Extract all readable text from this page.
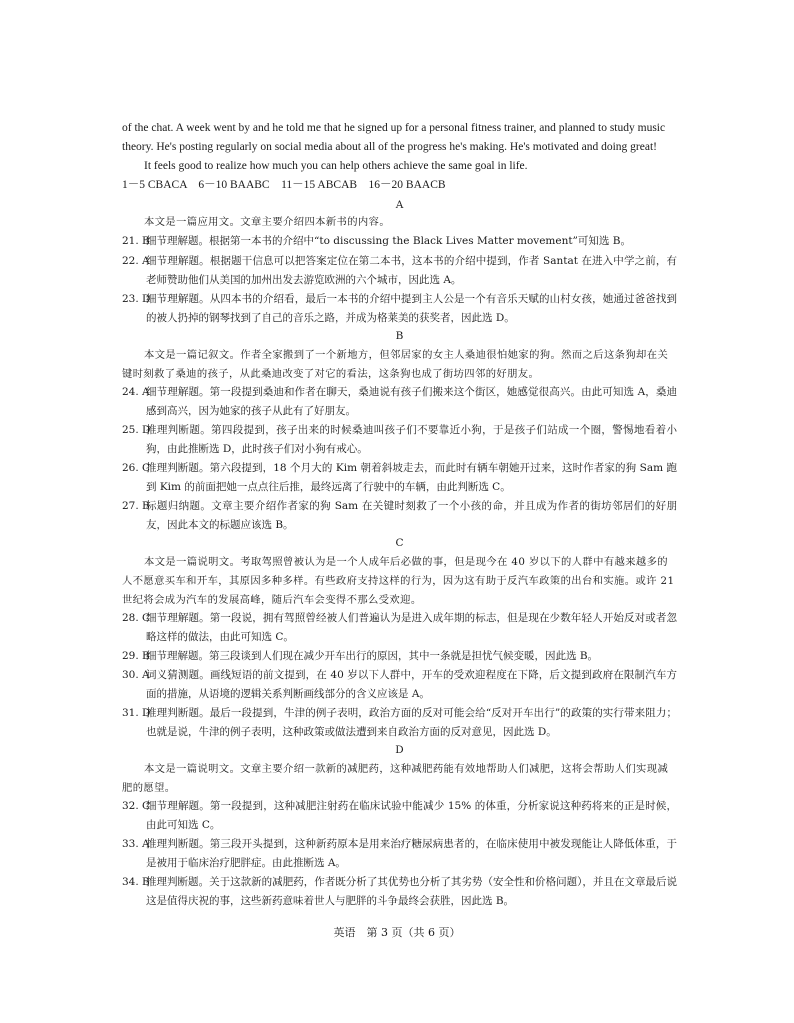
of the chat. A week went by and he told me that he signed up for a personal fitness trainer, and planned to study music

theory. He's posting regularly on social media about all of the progress he's making. He's motivated and doing great!

It feels good to realize how much you can help others achieve the same goal in life.

1－5 CBACA　6－10 BAABC　11－15 ABCAB　16－20 BAACB

A

本文是一篇应用文。文章主要介绍四本新书的内容。

21. B
细节理解题。根据第一本书的介绍中“to discussing the Black Lives Matter movement”可知选 B。
22. A
细节理解题。根据题干信息可以把答案定位在第二本书，这本书的介绍中提到，作者 Santat 在进入中学之前，有老师赞助他们从美国的加州出发去游览欧洲的六个城市，因此选 A。
23. D
细节理解题。从四本书的介绍看，最后一本书的介绍中提到主人公是一个有音乐天赋的山村女孩，她通过爸爸找到的被人扔掉的钢琴找到了自己的音乐之路，并成为格莱美的获奖者，因此选 D。
B

本文是一篇记叙文。作者全家搬到了一个新地方，但邻居家的女主人桑迪很怕她家的狗。然而之后这条狗却在关键时刻救了桑迪的孩子，从此桑迪改变了对它的看法，这条狗也成了街坊四邻的好朋友。

24. A
细节理解题。第一段提到桑迪和作者在聊天，桑迪说有孩子们搬来这个街区，她感觉很高兴。由此可知选 A，桑迪感到高兴，因为她家的孩子从此有了好朋友。
25. D
推理判断题。第四段提到，孩子出来的时候桑迪叫孩子们不要靠近小狗，于是孩子们站成一个圈，警惕地看着小狗，由此推断选 D，此时孩子们对小狗有戒心。
26. C
推理判断题。第六段提到，18 个月大的 Kim 朝着斜坡走去，而此时有辆车朝她开过来，这时作者家的狗 Sam 跑到 Kim 的前面把她一点点往后推，最终远离了行驶中的车辆，由此判断选 C。
27. B
标题归纳题。文章主要介绍作者家的狗 Sam 在关键时刻救了一个小孩的命，并且成为作者的街坊邻居们的好朋友，因此本文的标题应该选 B。
C

本文是一篇说明文。考取驾照曾被认为是一个人成年后必做的事，但是现今在 40 岁以下的人群中有越来越多的人不愿意买车和开车，其原因多种多样。有些政府支持这样的行为，因为这有助于反汽车政策的出台和实施。或许 21 世纪将会成为汽车的发展高峰，随后汽车会变得不那么受欢迎。

28. C
细节理解题。第一段说，拥有驾照曾经被人们普遍认为是进入成年期的标志，但是现在少数年轻人开始反对或者忽略这样的做法，由此可知选 C。
29. B
细节理解题。第三段谈到人们现在减少开车出行的原因，其中一条就是担忧气候变暖，因此选 B。
30. A
词义猜测题。画线短语的前文提到，在 40 岁以下人群中，开车的受欢迎程度在下降，后文提到政府在限制汽车方面的措施，从语境的逻辑关系判断画线部分的含义应该是 A。
31. D
推理判断题。最后一段提到，牛津的例子表明，政治方面的反对可能会给“反对开车出行”的政策的实行带来阻力；也就是说，牛津的例子表明，这种政策或做法遭到来自政治方面的反对意见，因此选 D。
D

本文是一篇说明文。文章主要介绍一款新的减肥药，这种减肥药能有效地帮助人们减肥，这将会帮助人们实现减肥的愿望。

32. C
细节理解题。第一段提到，这种减肥注射药在临床试验中能减少 15% 的体重，分析家说这种药将来的正是时候，由此可知选 C。
33. A
推理判断题。第三段开头提到，这种新药原本是用来治疗糖尿病患者的，在临床使用中被发现能让人降低体重，于是被用于临床治疗肥胖症。由此推断选 A。
34. B
推理判断题。关于这款新的减肥药，作者既分析了其优势也分析了其劣势（安全性和价格问题），并且在文章最后说这是值得庆祝的事，这些新药意味着世人与肥胖的斗争最终会获胜，因此选 B。
英语　第 3 页（共 6 页）
